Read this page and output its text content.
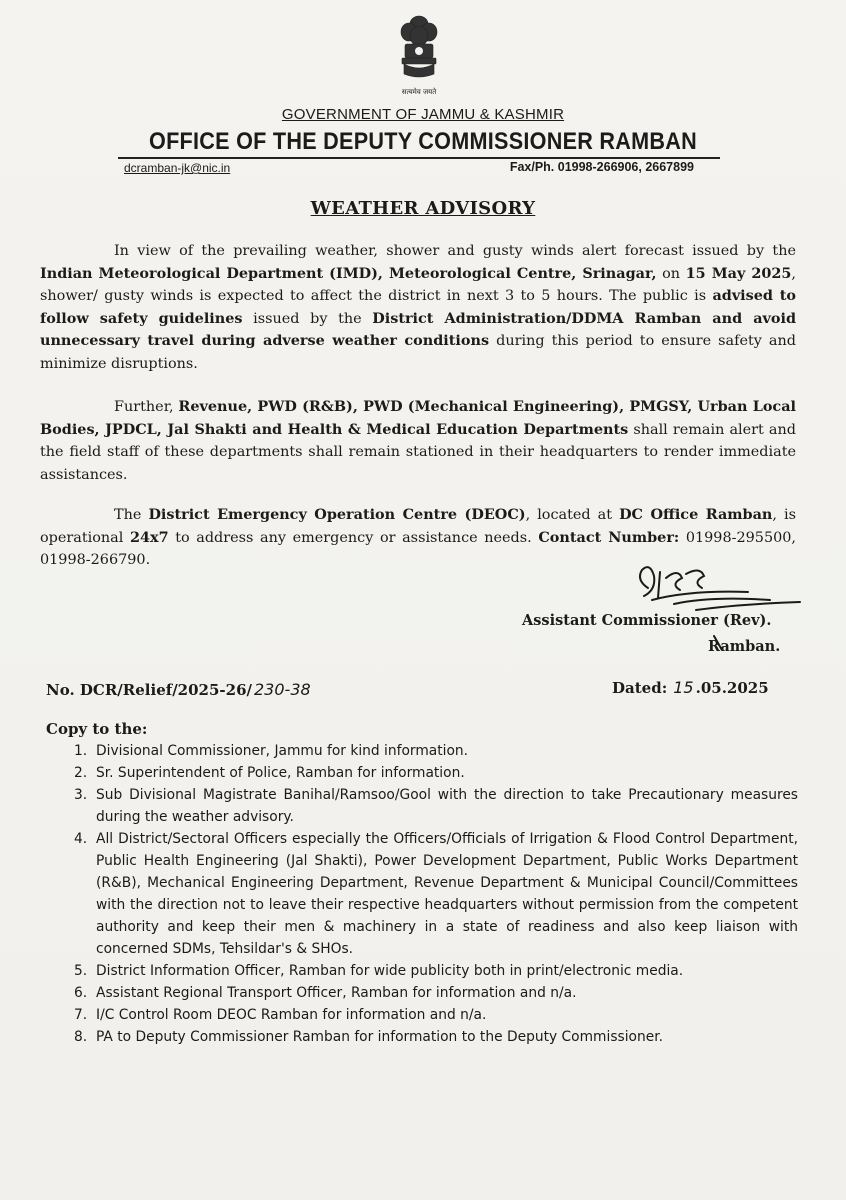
सत्यमेव जयते
GOVERNMENT OF JAMMU & KASHMIR
OFFICE OF THE DEPUTY COMMISSIONER RAMBAN
dcramban-jk@nic.in	Fax/Ph. 01998-266906, 2667899
WEATHER ADVISORY
In view of the prevailing weather, shower and gusty winds alert forecast issued by the Indian Meteorological Department (IMD), Meteorological Centre, Srinagar, on 15 May 2025, shower/ gusty winds is expected to affect the district in next 3 to 5 hours. The public is advised to follow safety guidelines issued by the District Administration/DDMA Ramban and avoid unnecessary travel during adverse weather conditions during this period to ensure safety and minimize disruptions.
Further, Revenue, PWD (R&B), PWD (Mechanical Engineering), PMGSY, Urban Local Bodies, JPDCL, Jal Shakti and Health & Medical Education Departments shall remain alert and the field staff of these departments shall remain stationed in their headquarters to render immediate assistances.
The District Emergency Operation Centre (DEOC), located at DC Office Ramban, is operational 24x7 to address any emergency or assistance needs. Contact Number: 01998-295500, 01998-266790.
Assistant Commissioner (Rev).
Ramban.
No. DCR/Relief/2025-26/ 230-38	Dated: 15 .05.2025
Copy to the:
1. Divisional Commissioner, Jammu for kind information.
2. Sr. Superintendent of Police, Ramban for information.
3. Sub Divisional Magistrate Banihal/Ramsoo/Gool with the direction to take Precautionary measures during the weather advisory.
4. All District/Sectoral Officers especially the Officers/Officials of Irrigation & Flood Control Department, Public Health Engineering (Jal Shakti), Power Development Department, Public Works Department (R&B), Mechanical Engineering Department, Revenue Department & Municipal Council/Committees with the direction not to leave their respective headquarters without permission from the competent authority and keep their men & machinery in a state of readiness and also keep liaison with concerned SDMs, Tehsildar's & SHOs.
5. District Information Officer, Ramban for wide publicity both in print/electronic media.
6. Assistant Regional Transport Officer, Ramban for information and n/a.
7. I/C Control Room DEOC Ramban for information and n/a.
8. PA to Deputy Commissioner Ramban for information to the Deputy Commissioner.
